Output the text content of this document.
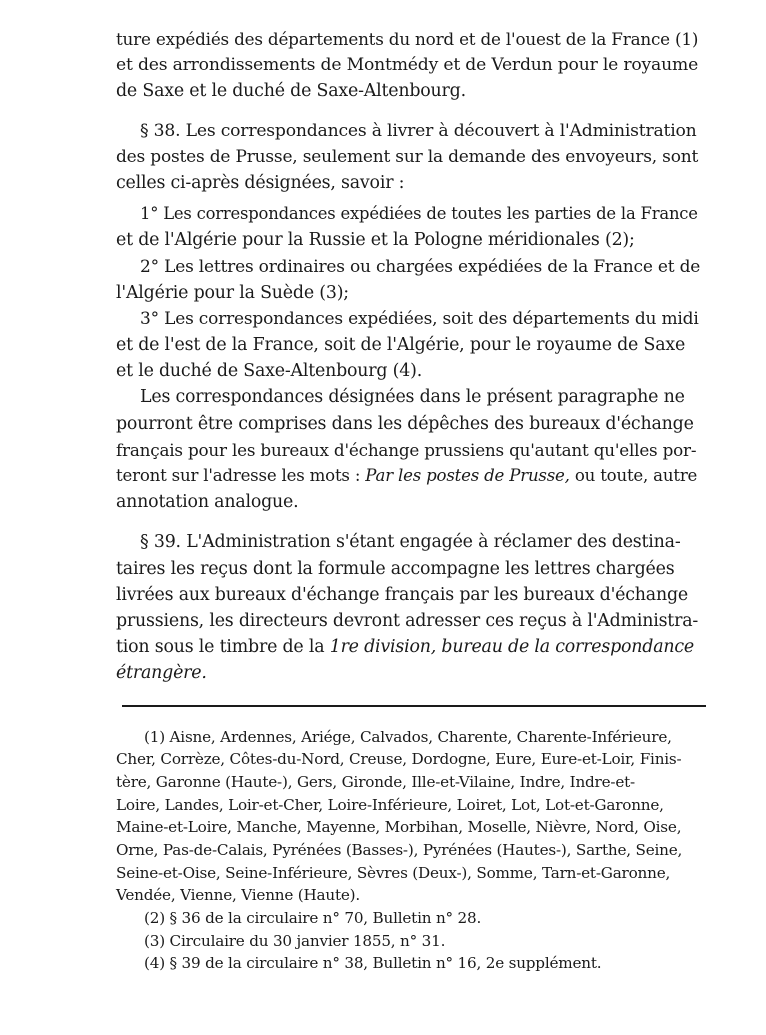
ture expédiés des départements du nord et de l'ouest de la France (1)
et des arrondissements de Montmédy et de Verdun pour le royaume
de Saxe et le duché de Saxe-Altenbourg.
§ 38. Les correspondances à livrer à découvert à l'Administration
des postes de Prusse, seulement sur la demande des envoyeurs, sont
celles ci-après désignées, savoir :
1° Les correspondances expédiées de toutes les parties de la France
et de l'Algérie pour la Russie et la Pologne méridionales (2);
2° Les lettres ordinaires ou chargées expédiées de la France et de
l'Algérie pour la Suède (3);
3° Les correspondances expédiées, soit des départements du midi
et de l'est de la France, soit de l'Algérie, pour le royaume de Saxe
et le duché de Saxe-Altenbourg (4).
Les correspondances désignées dans le présent paragraphe ne
pourront être comprises dans les dépêches des bureaux d'échange
français pour les bureaux d'échange prussiens qu'autant qu'elles por-
teront sur l'adresse les mots : Par les postes de Prusse, ou toute, autre
annotation analogue.
§ 39. L'Administration s'étant engagée à réclamer des destina-
taires les reçus dont la formule accompagne les lettres chargées
livrées aux bureaux d'échange français par les bureaux d'échange
prussiens, les directeurs devront adresser ces reçus à l'Administra-
tion sous le timbre de la 1re division, bureau de la correspondance
étrangère.
(1) Aisne, Ardennes, Ariége, Calvados, Charente, Charente-Inférieure,
Cher, Corrèze, Côtes-du-Nord, Creuse, Dordogne, Eure, Eure-et-Loir, Finis-
tère, Garonne (Haute-), Gers, Gironde, Ille-et-Vilaine, Indre, Indre-et-
Loire, Landes, Loir-et-Cher, Loire-Inférieure, Loiret, Lot, Lot-et-Garonne,
Maine-et-Loire, Manche, Mayenne, Morbihan, Moselle, Nièvre, Nord, Oise,
Orne, Pas-de-Calais, Pyrénées (Basses-), Pyrénées (Hautes-), Sarthe, Seine,
Seine-et-Oise, Seine-Inférieure, Sèvres (Deux-), Somme, Tarn-et-Garonne,
Vendée, Vienne, Vienne (Haute).
(2) § 36 de la circulaire n° 70, Bulletin n° 28.
(3) Circulaire du 30 janvier 1855, n° 31.
(4) § 39 de la circulaire n° 38, Bulletin n° 16, 2e supplément.
